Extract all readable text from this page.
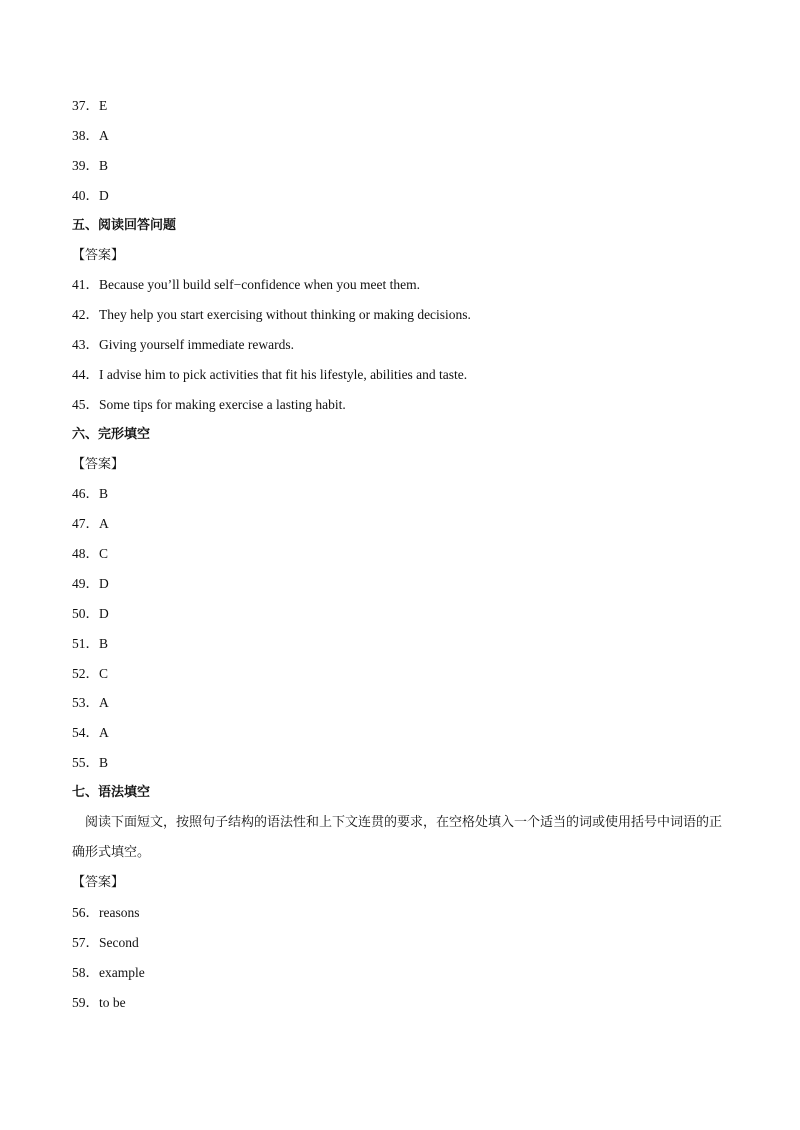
37．E
38．A
39．B
40．D
五、阅读回答问题
【答案】
41．Because you’ll build self−confidence when you meet them.
42．They help you start exercising without thinking or making decisions.
43．Giving yourself immediate rewards.
44．I advise him to pick activities that fit his lifestyle, abilities and taste.
45．Some tips for making exercise a lasting habit.
六、完形填空
【答案】
46．B
47．A
48．C
49．D
50．D
51．B
52．C
53．A
54．A
55．B
七、语法填空
阅读下面短文，按照句子结构的语法性和上下文连贯的要求，在空格处填入一个适当的词或使用括号中词语的正确形式填空。
【答案】
56．reasons
57．Second
58．example
59．to be
